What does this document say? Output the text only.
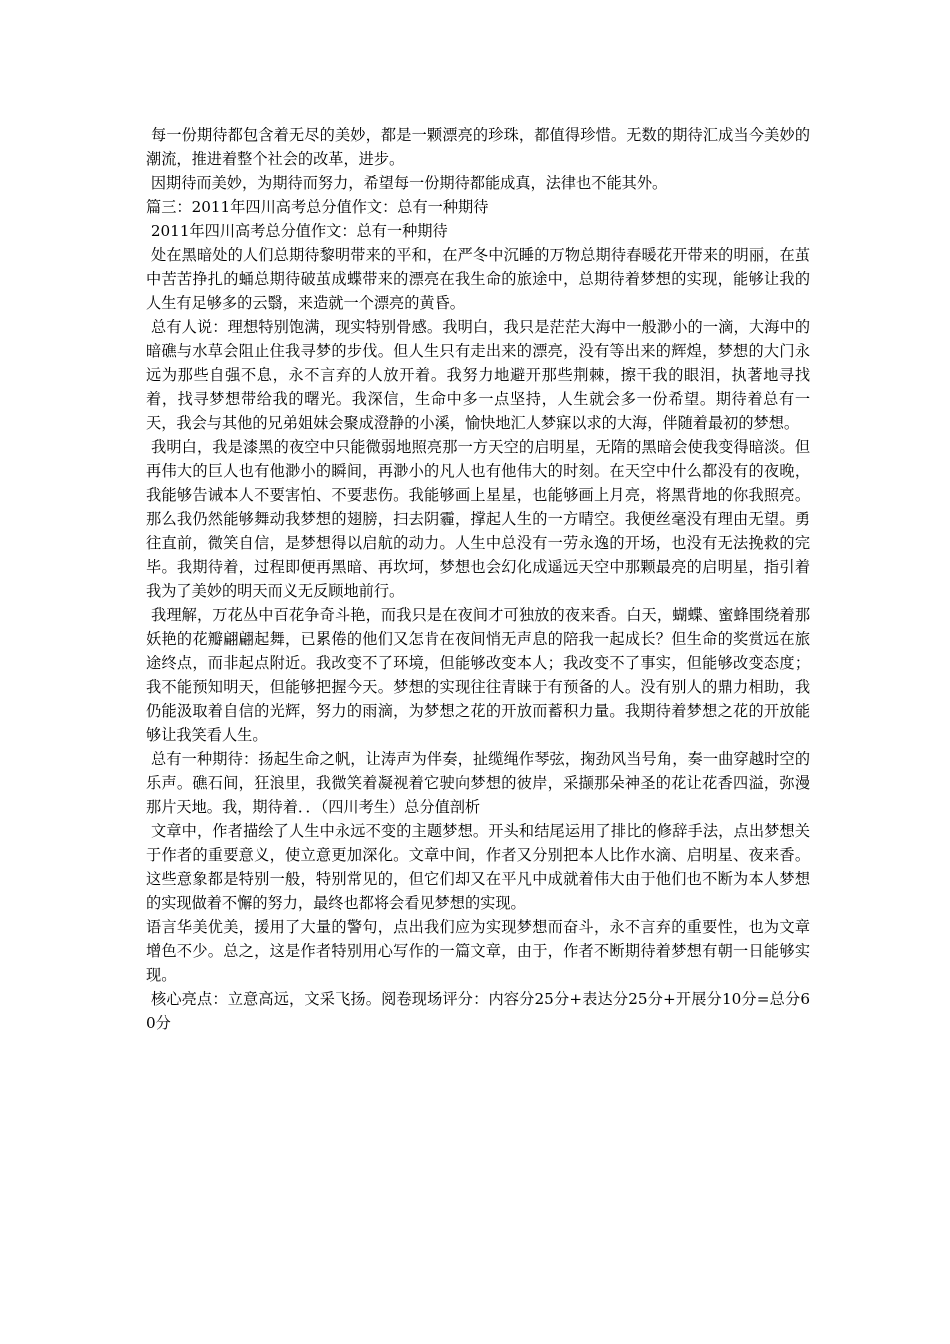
每一份期待都包含着无尽的美妙，都是一颗漂亮的珍珠，都值得珍惜。无数的期待汇成当今美妙的潮流，推进着整个社会的改革，进步。

因期待而美妙，为期待而努力，希望每一份期待都能成真，法律也不能其外。

篇三：2011年四川高考总分值作文：总有一种期待

2011年四川高考总分值作文：总有一种期待

处在黑暗处的人们总期待黎明带来的平和，在严冬中沉睡的万物总期待春暖花开带来的明丽，在茧中苦苦挣扎的蛹总期待破茧成蝶带来的漂亮在我生命的旅途中，总期待着梦想的实现，能够让我的人生有足够多的云翳，来造就一个漂亮的黄昏。

总有人说：理想特别饱满，现实特别骨感。我明白，我只是茫茫大海中一般渺小的一滴，大海中的暗礁与水草会阻止住我寻梦的步伐。但人生只有走出来的漂亮，没有等出来的辉煌，梦想的大门永远为那些自强不息，永不言弃的人放开着。我努力地避开那些荆棘，擦干我的眼泪，执著地寻找着，找寻梦想带给我的曙光。我深信，生命中多一点坚持，人生就会多一份希望。期待着总有一天，我会与其他的兄弟姐妹会聚成澄静的小溪，愉快地汇人梦寐以求的大海，伴随着最初的梦想。

我明白，我是漆黑的夜空中只能微弱地照亮那一方天空的启明星，无隋的黑暗会使我变得暗淡。但再伟大的巨人也有他渺小的瞬间，再渺小的凡人也有他伟大的时刻。在天空中什么都没有的夜晚，我能够告诫本人不要害怕、不要悲伤。我能够画上星星，也能够画上月亮，将黑背地的你我照亮。那么我仍然能够舞动我梦想的翅膀，扫去阴霾，撑起人生的一方晴空。我便丝毫没有理由无望。勇往直前，微笑自信，是梦想得以启航的动力。人生中总没有一劳永逸的开场，也没有无法挽救的完毕。我期待着，过程即便再黑暗、再坎坷，梦想也会幻化成遥远天空中那颗最亮的启明星，指引着我为了美妙的明天而义无反顾地前行。

我理解，万花丛中百花争奇斗艳，而我只是在夜间才可独放的夜来香。白天，蝴蝶、蜜蜂围绕着那妖艳的花瓣翩翩起舞，已累倦的他们又怎肯在夜间悄无声息的陪我一起成长？但生命的奖赏远在旅途终点，而非起点附近。我改变不了环境，但能够改变本人；我改变不了事实，但能够改变态度；我不能预知明天，但能够把握今天。梦想的实现往往青睐于有预备的人。没有别人的鼎力相助，我仍能汲取着自信的光辉，努力的雨滴，为梦想之花的开放而蓄积力量。我期待着梦想之花的开放能够让我笑看人生。

总有一种期待：扬起生命之帆，让涛声为伴奏，扯缆绳作琴弦，掬劲风当号角，奏一曲穿越时空的乐声。礁石间，狂浪里，我微笑着凝视着它驶向梦想的彼岸，采撷那朵神圣的花让花香四溢，弥漫那片天地。我，期待着．．（四川考生）总分值剖析

文章中，作者描绘了人生中永远不变的主题梦想。开头和结尾运用了排比的修辞手法，点出梦想关于作者的重要意义，使立意更加深化。文章中间，作者又分别把本人比作水滴、启明星、夜来香。这些意象都是特别一般，特别常见的，但它们却又在平凡中成就着伟大由于他们也不断为本人梦想的实现做着不懈的努力，最终也都将会看见梦想的实现。

语言华美优美，援用了大量的警句，点出我们应为实现梦想而奋斗，永不言弃的重要性，也为文章增色不少。总之，这是作者特别用心写作的一篇文章，由于，作者不断期待着梦想有朝一日能够实现。

核心亮点：立意高远，文采飞扬。阅卷现场评分：内容分25分+表达分25分+开展分10分=总分60分
